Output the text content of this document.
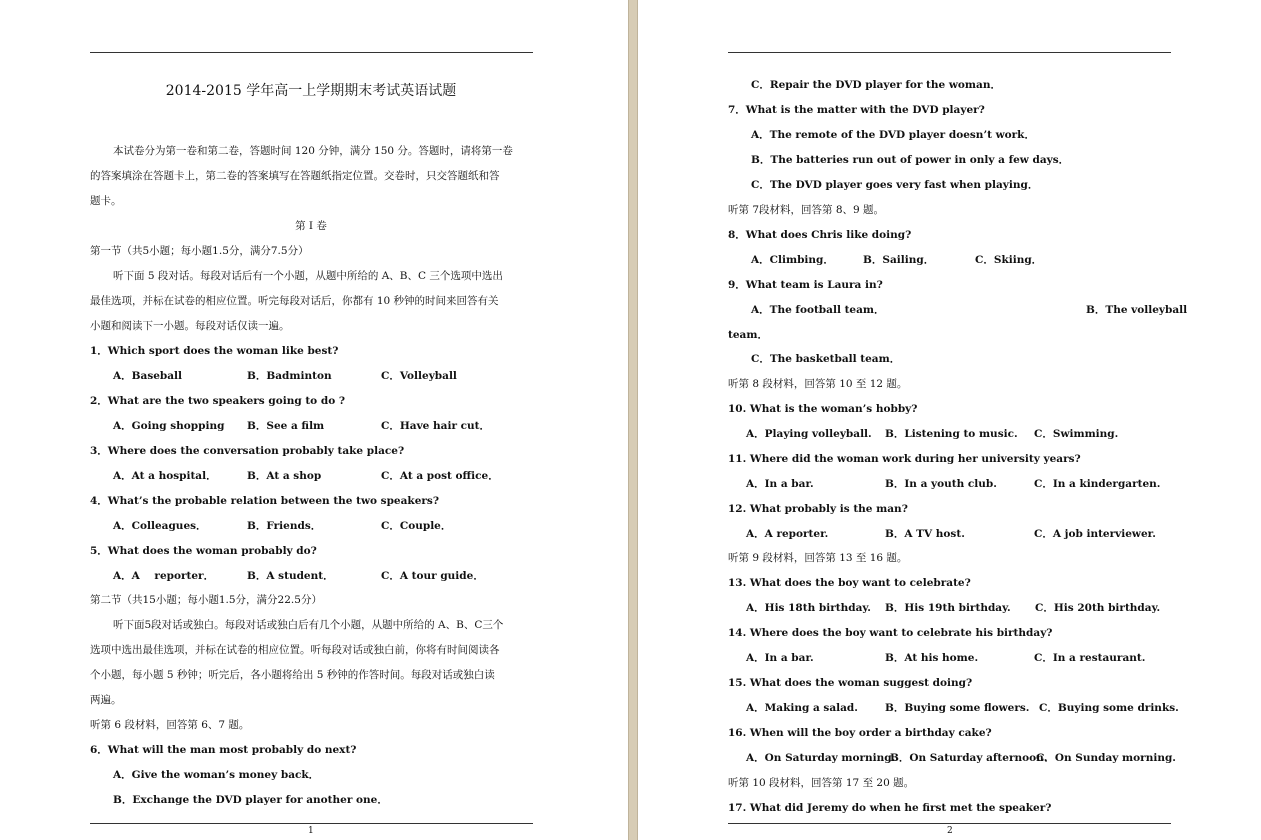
2014-2015 学年高一上学期期末考试英语试题
本试卷分为第一卷和第二卷，答题时间 120 分钟，满分 150 分。答题时，请将第一卷
的答案填涂在答题卡上，第二卷的答案填写在答题纸指定位置。交卷时，只交答题纸和答
题卡。
第 I 卷
第一节（共5小题；每小题1.5分，满分7.5分）
听下面 5 段对话。每段对话后有一个小题，从题中所给的 A、B、C 三个选项中选出
最佳选项，并标在试卷的相应位置。听完每段对话后，你都有 10 秒钟的时间来回答有关
小题和阅读下一小题。每段对话仅读一遍。
1．Which sport does the woman like best?
A．Baseball	B．Badminton	C．Volleyball
2．What are the two speakers going to do ?
A．Going shopping B．See a film	C．Have hair cut．
3．Where does the conversation probably take place?
A．At a hospital．	B．At a shop	C．At a post office．
4．What’s the probable relation between the two speakers?
A．Colleagues．	B．Friends．	C．Couple．
5．What does the woman probably do?
A．A    reporter．	B．A student．	C．A tour guide．
第二节（共15小题；每小题1.5分，满分22.5分）
听下面5段对话或独白。每段对话或独白后有几个小题，从题中所给的 A、B、C三个
选项中选出最佳选项，并标在试卷的相应位置。听每段对话或独白前，你将有时间阅读各
个小题，每小题 5 秒钟；听完后，各小题将给出 5 秒钟的作答时间。每段对话或独白读
两遍。
听第 6 段材料，回答第 6、7 题。
6．What will the man most probably do next?
A．Give the woman’s money back．
B．Exchange the DVD player for another one．
1
C．Repair the DVD player for the woman．
7．What is the matter with the DVD player?
A．The remote of the DVD player doesn’t work．
B．The batteries run out of power in only a few days．
C．The DVD player goes very fast when playing．
听第 7段材料，回答第 8、9 题。
8．What does Chris like doing?
A．Climbing．	B．Sailing．	C．Skiing．
9．What team is Laura in?
A．The football team．	B．The volleyball
team．
C．The basketball team．
听第 8 段材料，回答第 10 至 12 题。
10. What is the woman’s hobby?
A．Playing volleyball. B．Listening to music. C．Swimming.
11. Where did the woman work during her university years?
A．In a bar.	B．In a youth club.	C．In a kindergarten.
12. What probably is the man?
A．A reporter.	B．A TV host.	C．A job interviewer.
听第 9 段材料，回答第 13 至 16 题。
13. What does the boy want to celebrate?
A．His 18th birthday. B．His 19th birthday. C．His 20th birthday.
14. Where does the boy want to celebrate his birthday?
A．In a bar.	B．At his home.	C．In a restaurant.
15. What does the woman suggest doing?
A．Making a salad.	B．Buying some flowers. C．Buying some drinks.
16. When will the boy order a birthday cake?
A．On Saturday morning.
B．On Saturday afternoon.
C．On Sunday morning.
听第 10 段材料，回答第 17 至 20 题。
17. What did Jeremy do when he first met the speaker?
2
